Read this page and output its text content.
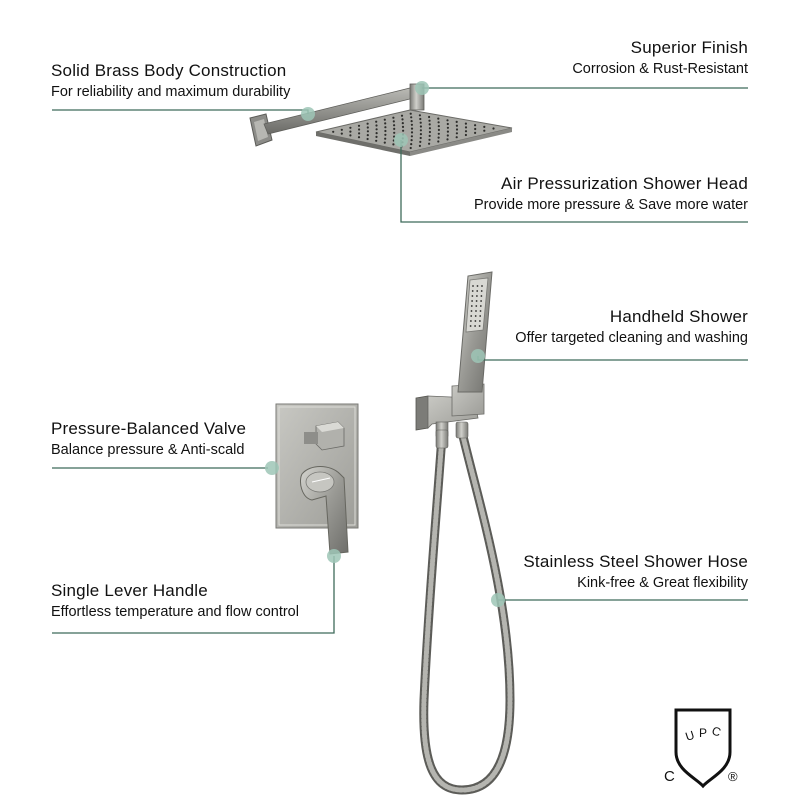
U P C
C	®
Solid Brass Body Construction
For reliability and maximum durability
Superior Finish
Corrosion & Rust-Resistant
Air Pressurization Shower Head
Provide more pressure & Save more water
Handheld Shower
Offer targeted cleaning and washing
Pressure-Balanced Valve
Balance pressure & Anti-scald
Stainless Steel Shower Hose
Kink-free & Great flexibility
Single Lever Handle
Effortless temperature and flow control
